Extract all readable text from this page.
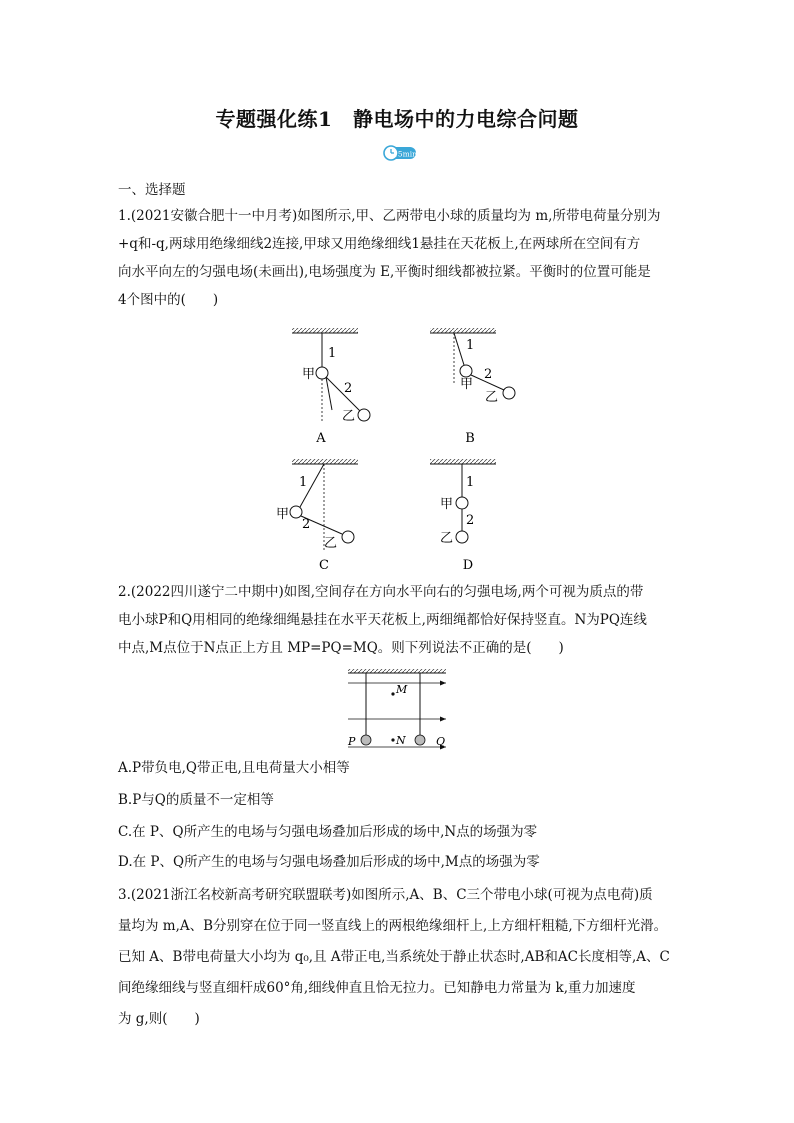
专题强化练1　静电场中的力电综合问题
15min
一、选择题
1.(2021安徽合肥十一中月考)如图所示,甲、乙两带电小球的质量均为 m,所带电荷量分别为
+q和-q,两球用绝缘细线2连接,甲球又用绝缘细线1悬挂在天花板上,在两球所在空间有方
向水平向左的匀强电场(未画出),电场强度为 E,平衡时细线都被拉紧。平衡时的位置可能是
4个图中的(　　)
1
甲
2
乙
A
1
甲
2
乙
B
1
甲
2
乙
C
1
甲
2
乙
D
2.(2022四川遂宁二中期中)如图,空间存在方向水平向右的匀强电场,两个可视为质点的带
电小球P和Q用相同的绝缘细绳悬挂在水平天花板上,两细绳都恰好保持竖直。N为PQ连线
中点,M点位于N点正上方且 MP=PQ=MQ。则下列说法不正确的是(　　)
M
N
P	Q
A.P带负电,Q带正电,且电荷量大小相等
B.P与Q的质量不一定相等
C.在 P、Q所产生的电场与匀强电场叠加后形成的场中,N点的场强为零
D.在 P、Q所产生的电场与匀强电场叠加后形成的场中,M点的场强为零
3.(2021浙江名校新高考研究联盟联考)如图所示,A、B、C三个带电小球(可视为点电荷)质
量均为 m,A、B分别穿在位于同一竖直线上的两根绝缘细杆上,上方细杆粗糙,下方细杆光滑。
已知 A、B带电荷量大小均为 q₀,且 A带正电,当系统处于静止状态时,AB和AC长度相等,A、C
间绝缘细线与竖直细杆成60°角,细线伸直且恰无拉力。已知静电力常量为 k,重力加速度
为 g,则(　　)
